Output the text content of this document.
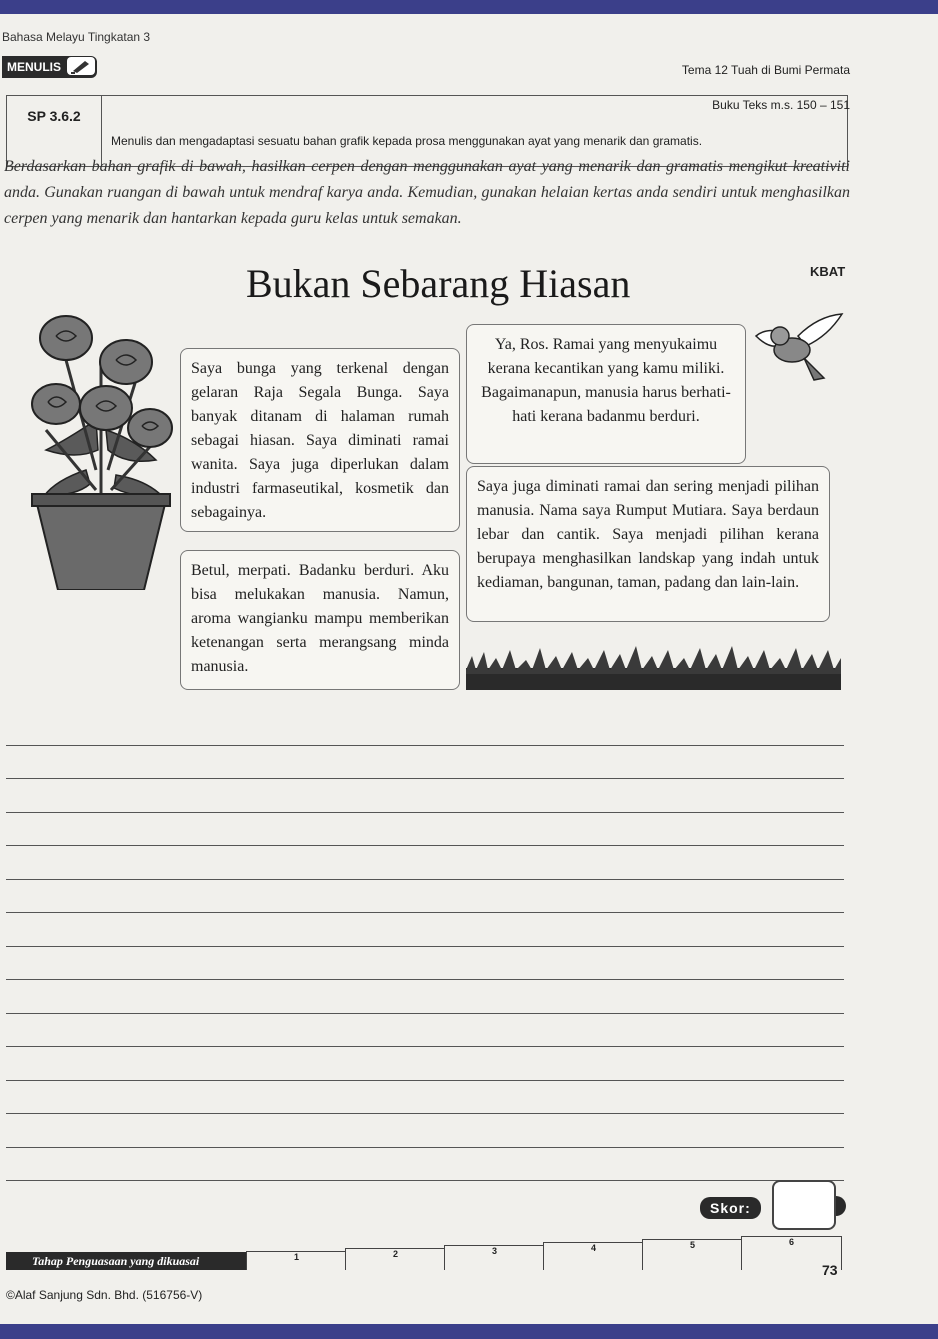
Bahasa Melayu Tingkatan 3
MENULIS	Tema 12 Tuah di Bumi Permata
SP 3.6.2
Menulis dan mengadaptasi sesuatu bahan grafik kepada prosa menggunakan ayat yang menarik dan gramatis.
Buku Teks m.s. 150 – 151
Berdasarkan bahan grafik di bawah, hasilkan cerpen dengan menggunakan ayat yang menarik dan gramatis mengikut kreativiti anda. Gunakan ruangan di bawah untuk mendraf karya anda. Kemudian, gunakan helaian kertas anda sendiri untuk menghasilkan cerpen yang menarik dan hantarkan kepada guru kelas untuk semakan.
Bukan Sebarang Hiasan	KBAT
Saya bunga yang terkenal dengan gelaran Raja Segala Bunga. Saya banyak ditanam di halaman rumah sebagai hiasan. Saya diminati ramai wanita. Saya juga diperlukan dalam industri farmaseutikal, kosmetik dan sebagainya.
Betul, merpati. Badanku berduri. Aku bisa melukakan manusia. Namun, aroma wangianku mampu memberikan ketenangan serta merangsang minda manusia.
Ya, Ros. Ramai yang menyukaimu kerana kecantikan yang kamu miliki. Bagaimanapun, manusia harus berhati-hati kerana badanmu berduri.
Saya juga diminati ramai dan sering menjadi pilihan manusia. Nama saya Rumput Mutiara. Saya berdaun lebar dan cantik. Saya menjadi pilihan kerana berupaya menghasilkan landskap yang indah untuk kediaman, bangunan, taman, padang dan lain-lain.
Skor:
Tahap Penguasaan yang dikuasai	1	2	3	4	5	6
73
©Alaf Sanjung Sdn. Bhd. (516756-V)
